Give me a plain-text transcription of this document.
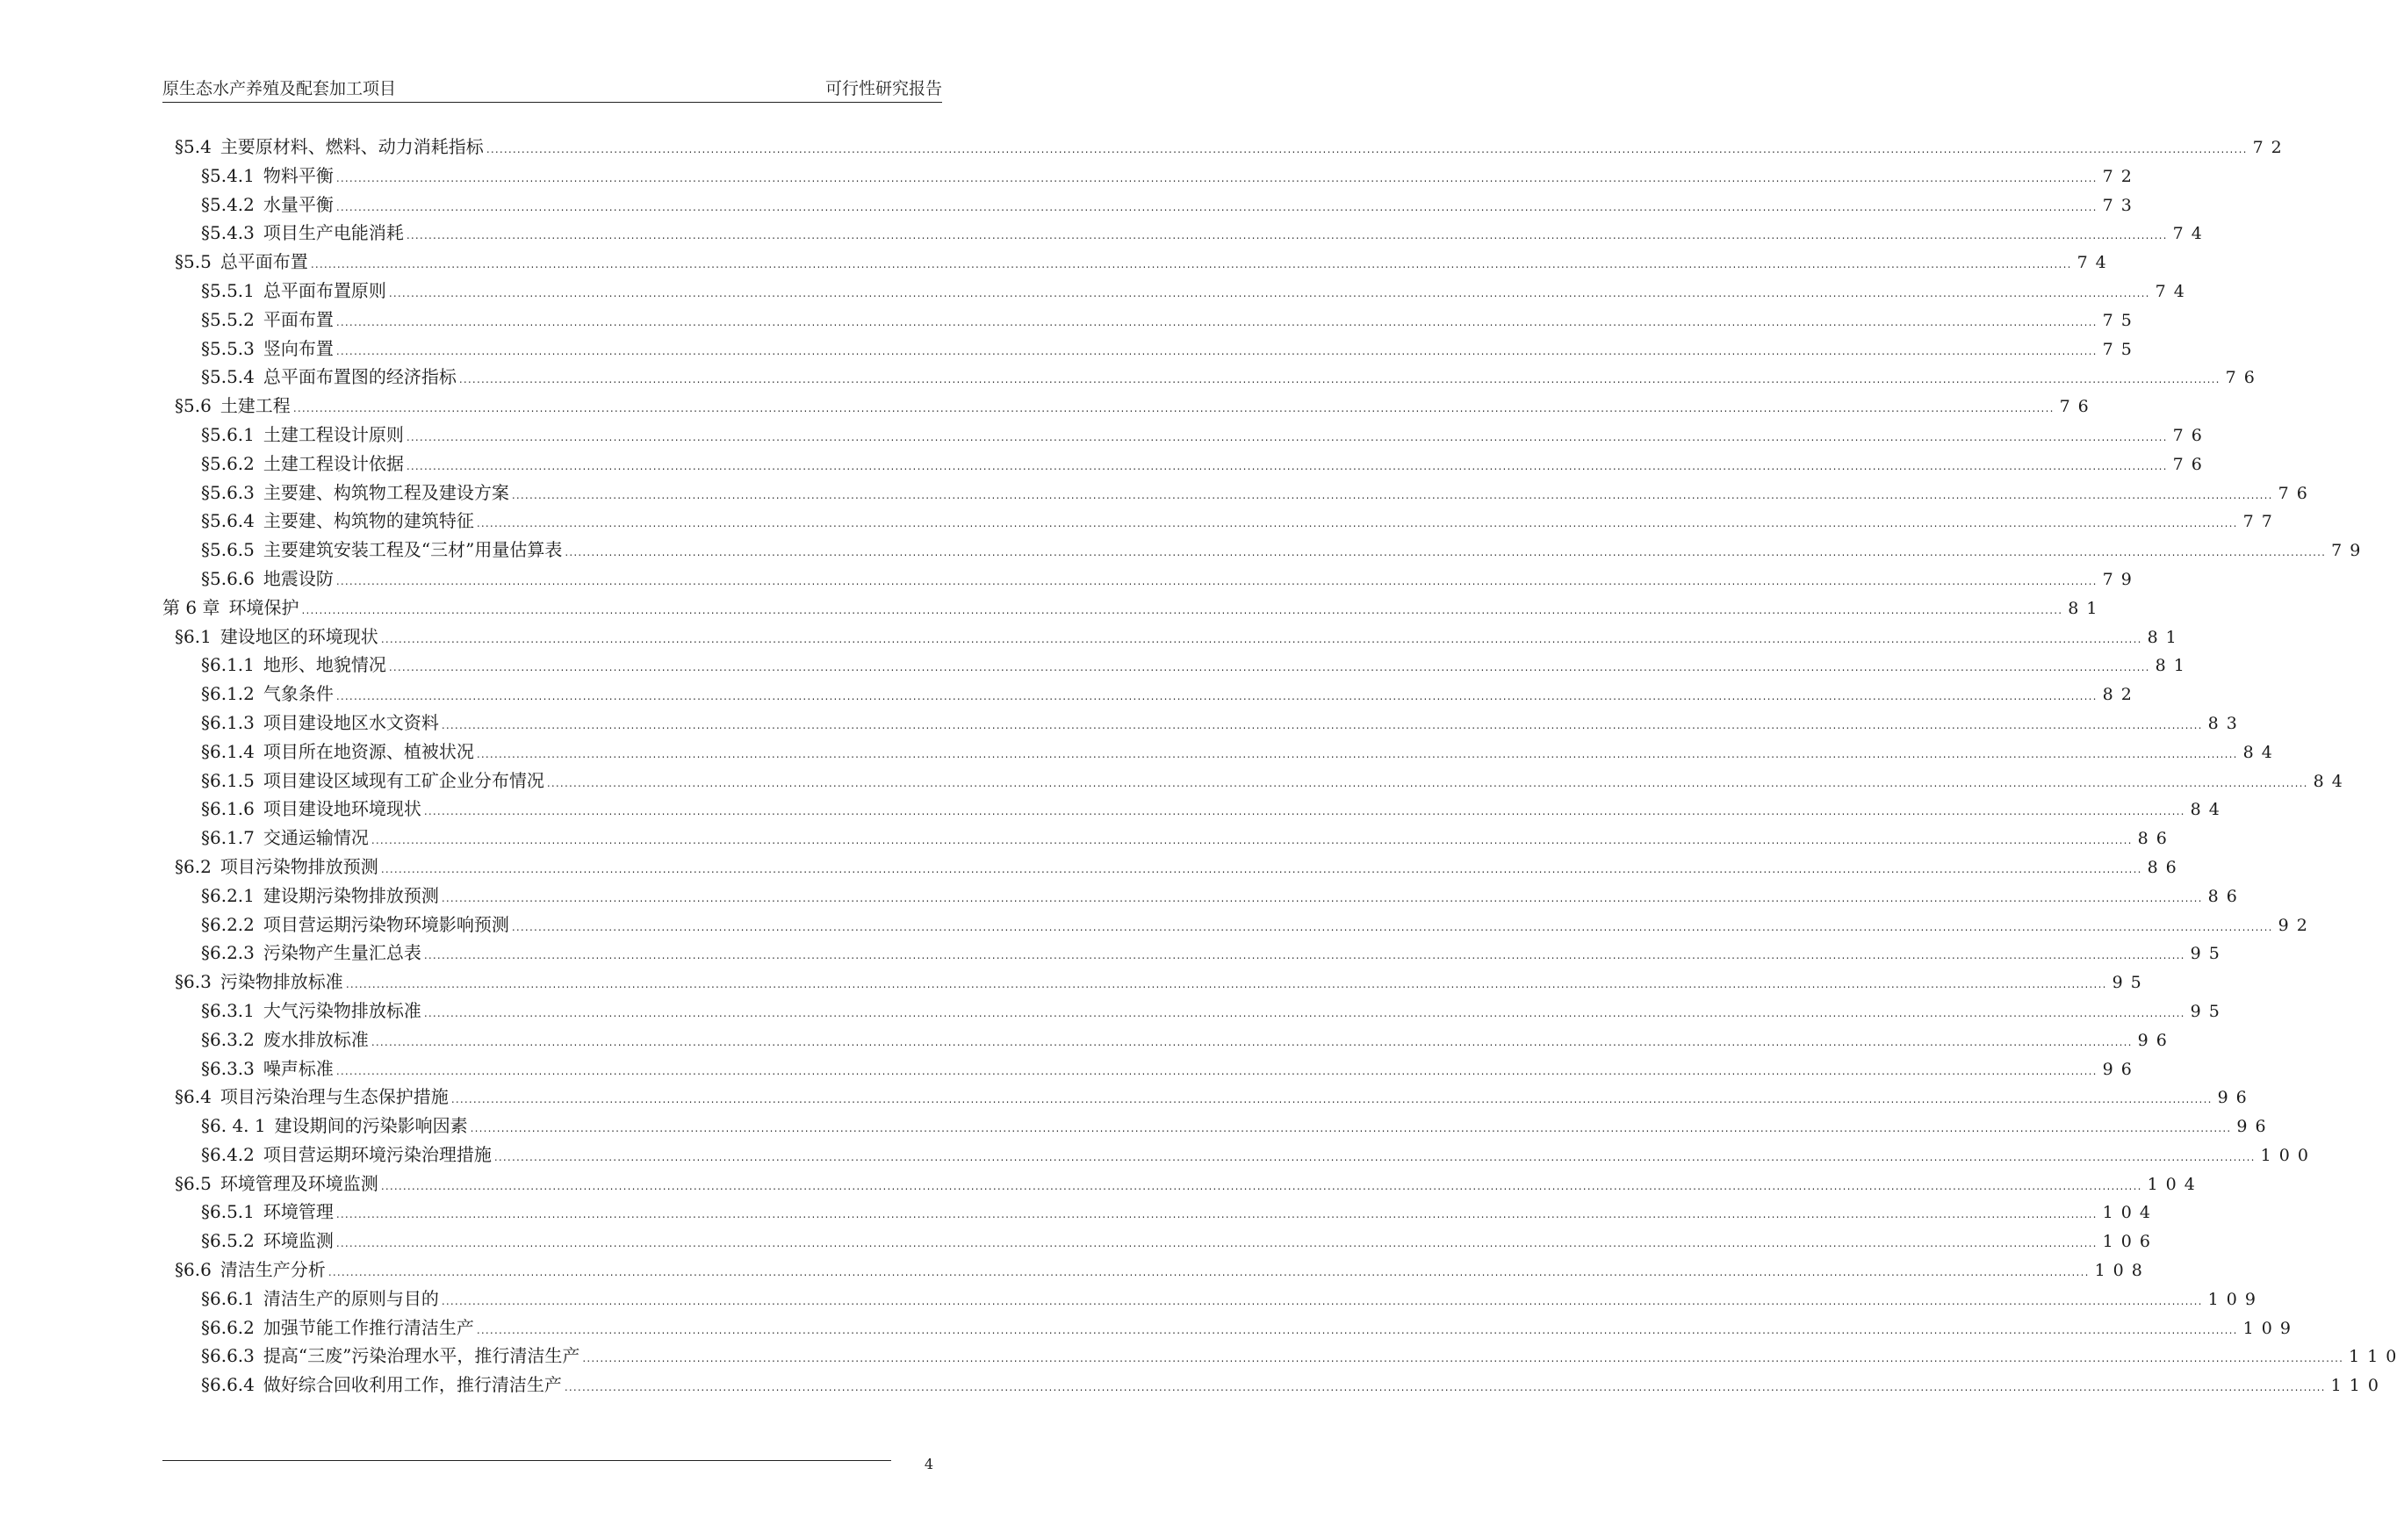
原生态水产养殖及配套加工项目	可行性研究报告
§5.4 主要原材料、燃料、动力消耗指标 ................................................................................................................................................................................................................................................................................................................................................................................................................ 72
§5.4.1 物料平衡 ................................................................................................................................................................................................................................................................................................................................................................................................................ 72
§5.4.2 水量平衡 ................................................................................................................................................................................................................................................................................................................................................................................................................ 73
§5.4.3 项目生产电能消耗 ................................................................................................................................................................................................................................................................................................................................................................................................................ 74
§5.5 总平面布置 ................................................................................................................................................................................................................................................................................................................................................................................................................ 74
§5.5.1 总平面布置原则 ................................................................................................................................................................................................................................................................................................................................................................................................................ 74
§5.5.2 平面布置 ................................................................................................................................................................................................................................................................................................................................................................................................................ 75
§5.5.3 竖向布置 ................................................................................................................................................................................................................................................................................................................................................................................................................ 75
§5.5.4 总平面布置图的经济指标 ................................................................................................................................................................................................................................................................................................................................................................................................................ 76
§5.6 土建工程 ................................................................................................................................................................................................................................................................................................................................................................................................................ 76
§5.6.1 土建工程设计原则 ................................................................................................................................................................................................................................................................................................................................................................................................................ 76
§5.6.2 土建工程设计依据 ................................................................................................................................................................................................................................................................................................................................................................................................................ 76
§5.6.3 主要建、构筑物工程及建设方案 ................................................................................................................................................................................................................................................................................................................................................................................................................ 76
§5.6.4 主要建、构筑物的建筑特征 ................................................................................................................................................................................................................................................................................................................................................................................................................ 77
§5.6.5 主要建筑安装工程及“三材”用量估算表 ................................................................................................................................................................................................................................................................................................................................................................................................................ 79
§5.6.6 地震设防 ................................................................................................................................................................................................................................................................................................................................................................................................................ 79
第 6 章 环境保护 ................................................................................................................................................................................................................................................................................................................................................................................................................ 81
§6.1 建设地区的环境现状 ................................................................................................................................................................................................................................................................................................................................................................................................................ 81
§6.1.1 地形、地貌情况 ................................................................................................................................................................................................................................................................................................................................................................................................................ 81
§6.1.2 气象条件 ................................................................................................................................................................................................................................................................................................................................................................................................................ 82
§6.1.3 项目建设地区水文资料 ................................................................................................................................................................................................................................................................................................................................................................................................................ 83
§6.1.4 项目所在地资源、植被状况 ................................................................................................................................................................................................................................................................................................................................................................................................................ 84
§6.1.5 项目建设区域现有工矿企业分布情况 ................................................................................................................................................................................................................................................................................................................................................................................................................ 84
§6.1.6 项目建设地环境现状 ................................................................................................................................................................................................................................................................................................................................................................................................................ 84
§6.1.7 交通运输情况 ................................................................................................................................................................................................................................................................................................................................................................................................................ 86
§6.2 项目污染物排放预测 ................................................................................................................................................................................................................................................................................................................................................................................................................ 86
§6.2.1 建设期污染物排放预测 ................................................................................................................................................................................................................................................................................................................................................................................................................ 86
§6.2.2 项目营运期污染物环境影响预测 ................................................................................................................................................................................................................................................................................................................................................................................................................ 92
§6.2.3 污染物产生量汇总表 ................................................................................................................................................................................................................................................................................................................................................................................................................ 95
§6.3 污染物排放标准 ................................................................................................................................................................................................................................................................................................................................................................................................................ 95
§6.3.1 大气污染物排放标准 ................................................................................................................................................................................................................................................................................................................................................................................................................ 95
§6.3.2 废水排放标准 ................................................................................................................................................................................................................................................................................................................................................................................................................ 96
§6.3.3 噪声标准 ................................................................................................................................................................................................................................................................................................................................................................................................................ 96
§6.4 项目污染治理与生态保护措施 ................................................................................................................................................................................................................................................................................................................................................................................................................ 96
§6. 4. 1 建设期间的污染影响因素 ................................................................................................................................................................................................................................................................................................................................................................................................................ 96
§6.4.2 项目营运期环境污染治理措施 ................................................................................................................................................................................................................................................................................................................................................................................................................ 100
§6.5 环境管理及环境监测 ................................................................................................................................................................................................................................................................................................................................................................................................................ 104
§6.5.1 环境管理 ................................................................................................................................................................................................................................................................................................................................................................................................................ 104
§6.5.2 环境监测 ................................................................................................................................................................................................................................................................................................................................................................................................................ 106
§6.6 清洁生产分析 ................................................................................................................................................................................................................................................................................................................................................................................................................ 108
§6.6.1 清洁生产的原则与目的 ................................................................................................................................................................................................................................................................................................................................................................................................................ 109
§6.6.2 加强节能工作推行清洁生产 ................................................................................................................................................................................................................................................................................................................................................................................................................ 109
§6.6.3 提高“三废”污染治理水平，推行清洁生产 ................................................................................................................................................................................................................................................................................................................................................................................................................ 110
§6.6.4 做好综合回收利用工作，推行清洁生产 ................................................................................................................................................................................................................................................................................................................................................................................................................ 110
4
